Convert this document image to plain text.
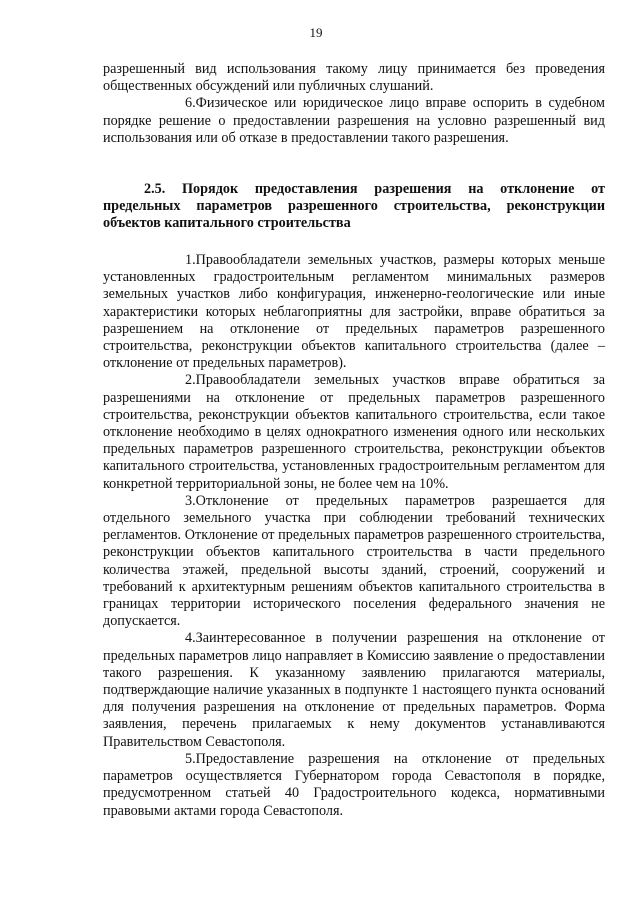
19

разрешенный вид использования такому лицу принимается без проведения общественных обсуждений или публичных слушаний.

6.Физическое или юридическое лицо вправе оспорить в судебном порядке решение о предоставлении разрешения на условно разрешенный вид использования или об отказе в предоставлении такого разрешения.

2.5. Порядок предоставления разрешения на отклонение от предельных параметров разрешенного строительства, реконструкции объектов капитального строительства

1.Правообладатели земельных участков, размеры которых меньше установленных градостроительным регламентом минимальных размеров земельных участков либо конфигурация, инженерно-геологические или иные характеристики которых неблагоприятны для застройки, вправе обратиться за разрешением на отклонение от предельных параметров разрешенного строительства, реконструкции объектов капитального строительства (далее – отклонение от предельных параметров).

2.Правообладатели земельных участков вправе обратиться за разрешениями на отклонение от предельных параметров разрешенного строительства, реконструкции объектов капитального строительства, если такое отклонение необходимо в целях однократного изменения одного или нескольких предельных параметров разрешенного строительства, реконструкции объектов капитального строительства, установленных градостроительным регламентом для конкретной территориальной зоны, не более чем на 10%.

3.Отклонение от предельных параметров разрешается для отдельного земельного участка при соблюдении требований технических регламентов. Отклонение от предельных параметров разрешенного строительства, реконструкции объектов капитального строительства в части предельного количества этажей, предельной высоты зданий, строений, сооружений и требований к архитектурным решениям объектов капитального строительства в границах территории исторического поселения федерального значения не допускается.

4.Заинтересованное в получении разрешения на отклонение от предельных параметров лицо направляет в Комиссию заявление о предоставлении такого разрешения. К указанному заявлению прилагаются материалы, подтверждающие наличие указанных в подпункте 1 настоящего пункта оснований для получения разрешения на отклонение от предельных параметров. Форма заявления, перечень прилагаемых к нему документов устанавливаются Правительством Севастополя.

5.Предоставление разрешения на отклонение от предельных параметров осуществляется Губернатором города Севастополя в порядке, предусмотренном статьей 40 Градостроительного кодекса, нормативными правовыми актами города Севастополя.
